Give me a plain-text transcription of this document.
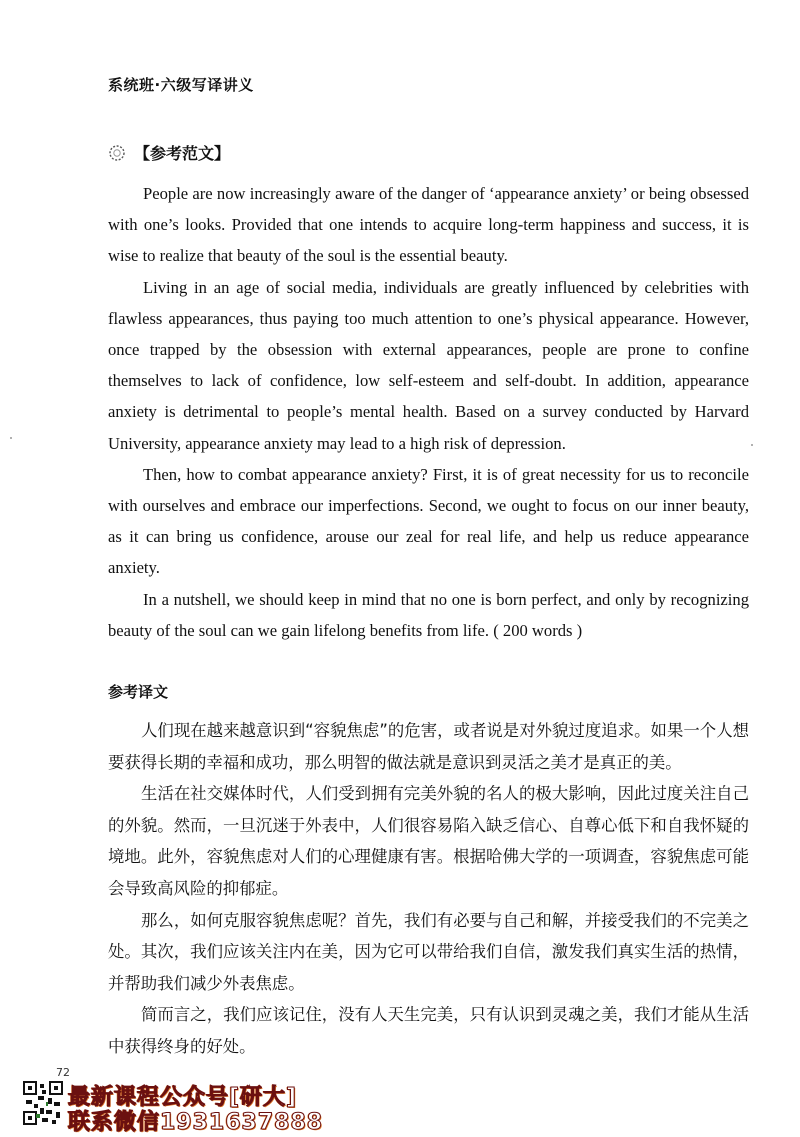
系统班·六级写译讲义
【参考范文】

People are now increasingly aware of the danger of ‘appearance anxiety’ or being obsessed with one’s looks. Provided that one intends to acquire long-term happiness and success, it is wise to realize that beauty of the soul is the essential beauty.

Living in an age of social media, individuals are greatly influenced by celebrities with flawless appearances, thus paying too much attention to one’s physical appearance. However, once trapped by the obsession with external appearances, people are prone to confine themselves to lack of confidence, low self-esteem and self-doubt. In addition, appearance anxiety is detrimental to people’s mental health. Based on a survey conducted by Harvard University, appearance anxiety may lead to a high risk of depression.

Then, how to combat appearance anxiety? First, it is of great necessity for us to reconcile with ourselves and embrace our imperfections. Second, we ought to focus on our inner beauty, as it can bring us confidence, arouse our zeal for real life, and help us reduce appearance anxiety.

In a nutshell, we should keep in mind that no one is born perfect, and only by recognizing beauty of the soul can we gain lifelong benefits from life. ( 200 words )

参考译文

人们现在越来越意识到“容貌焦虑”的危害，或者说是对外貌过度追求。如果一个人想要获得长期的幸福和成功，那么明智的做法就是意识到灵活之美才是真正的美。

生活在社交媒体时代，人们受到拥有完美外貌的名人的极大影响，因此过度关注自己的外貌。然而，一旦沉迷于外表中，人们很容易陷入缺乏信心、自尊心低下和自我怀疑的境地。此外，容貌焦虑对人们的心理健康有害。根据哈佛大学的一项调查，容貌焦虑可能会导致高风险的抑郁症。

那么，如何克服容貌焦虑呢？首先，我们有必要与自己和解，并接受我们的不完美之处。其次，我们应该关注内在美，因为它可以带给我们自信，激发我们真实生活的热情，并帮助我们减少外表焦虑。

简而言之，我们应该记住，没有人天生完美，只有认识到灵魂之美，我们才能从生活中获得终身的好处。

72
最新课程公众号[研大]
联系微信1931637888
